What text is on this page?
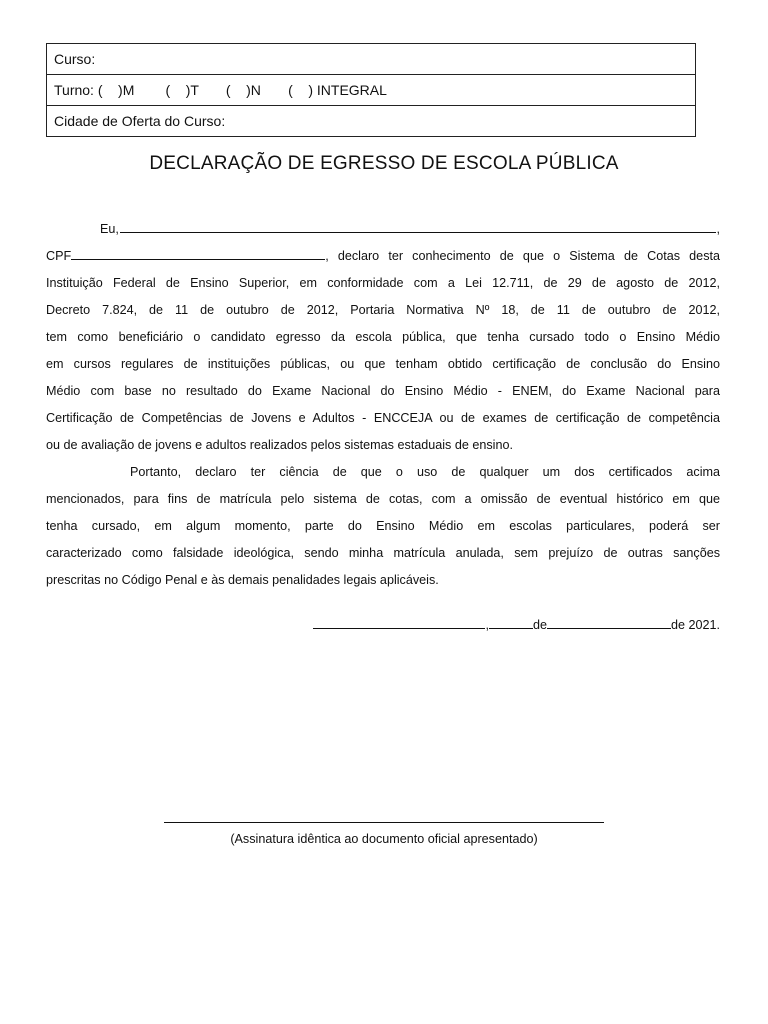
Curso:
Turno: (    )M        (    )T       (    )N       (    ) INTEGRAL
Cidade de Oferta do Curso:
DECLARAÇÃO DE EGRESSO DE ESCOLA PÚBLICA
Eu,	,
CPF	, declaro ter conhecimento de que o Sistema de Cotas desta
Instituição Federal de Ensino Superior, em conformidade com a Lei 12.711, de 29 de agosto de 2012,
Decreto 7.824, de 11 de outubro de 2012, Portaria Normativa Nº 18, de 11 de outubro de 2012,
tem como beneficiário o candidato egresso da escola pública, que tenha cursado todo o Ensino Médio
em cursos regulares de instituições públicas, ou que tenham obtido certificação de conclusão do Ensino
Médio com base no resultado do Exame Nacional do Ensino Médio - ENEM, do Exame Nacional para
Certificação de Competências de Jovens e Adultos - ENCCEJA ou de exames de certificação de competência
ou de avaliação de jovens e adultos realizados pelos sistemas estaduais de ensino.
Portanto, declaro ter ciência de que o uso de qualquer um dos certificados acima
mencionados, para fins de matrícula pelo sistema de cotas, com a omissão de eventual histórico em que
tenha cursado, em algum momento, parte do Ensino Médio em escolas particulares, poderá ser
caracterizado como falsidade ideológica, sendo minha matrícula anulada, sem prejuízo de outras sanções
prescritas no Código Penal e às demais penalidades legais aplicáveis.
,	de	de 2021.
(Assinatura idêntica ao documento oficial apresentado)
